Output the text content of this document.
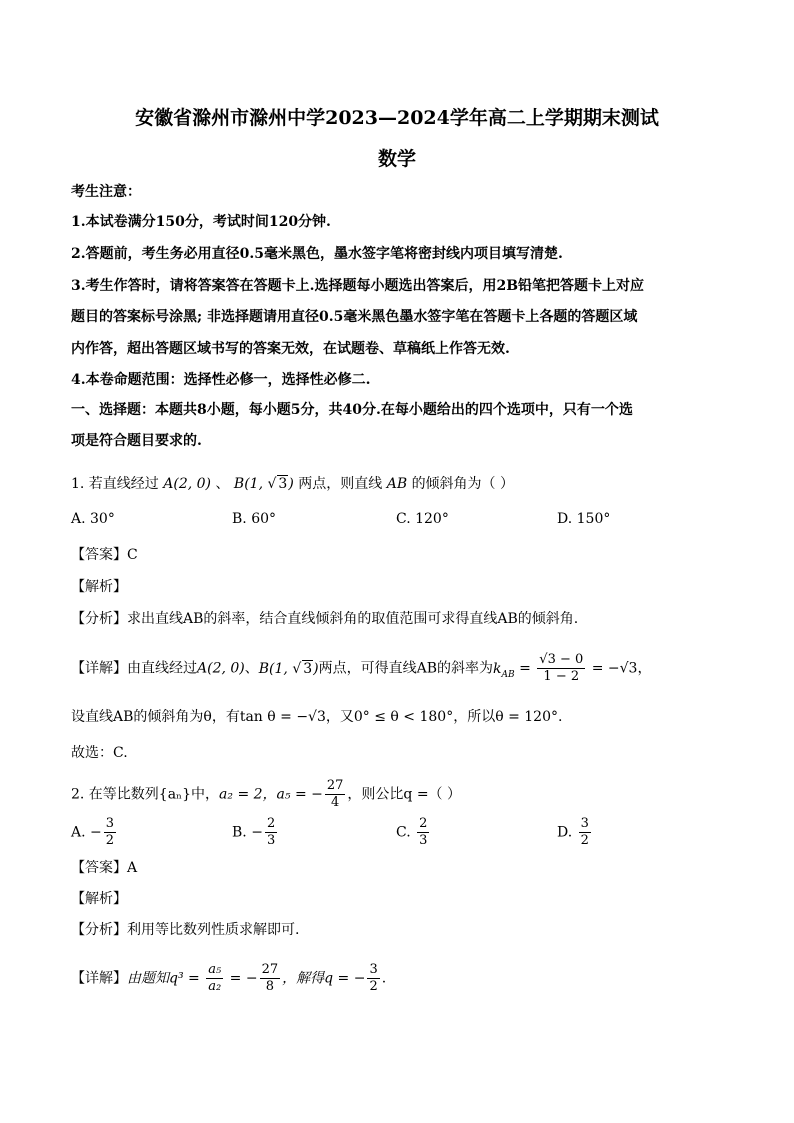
安徽省滁州市滁州中学2023—2024学年高二上学期期末测试
数学
考生注意：
1.本试卷满分150分，考试时间120分钟.
2.答题前，考生务必用直径0.5毫米黑色，墨水签字笔将密封线内项目填写清楚.
3.考生作答时，请将答案答在答题卡上.选择题每小题选出答案后，用2B铅笔把答题卡上对应
题目的答案标号涂黑; 非选择题请用直径0.5毫米黑色墨水签字笔在答题卡上各题的答题区域
内作答，超出答题区域书写的答案无效，在试题卷、草稿纸上作答无效.
4.本卷命题范围：选择性必修一，选择性必修二.
一、选择题：本题共8小题，每小题5分，共40分.在每小题给出的四个选项中，只有一个选
项是符合题目要求的.
1. 若直线经过 A(2, 0) 、 B(1, √ 3) 两点，则直线 AB 的倾斜角为（ ）
A. 30°	B. 60°	C. 120°	D. 150°
【答案】C
【解析】
【分析】求出直线AB的斜率，结合直线倾斜角的取值范围可求得直线AB的倾斜角.
【详解】由直线经过A(2, 0)、B(1, √ 3)两点，可得直线AB的斜率为$k_{AB} = \frac{√3 - 0}{1 - 2} = -√3$，
设直线AB的倾斜角为θ，有tan θ = −√3，又0° ≤ θ < 180°，所以θ = 120°.
故选：C.
2. 在等比数列{aₙ}中，a₂ = 2，a₅ = − $\frac{27}{4}$ ，则公比q =（ ）
A. − $\frac{3}{2}$	B. − $\frac{2}{3}$	C. $\frac{2}{3}$	D. $\frac{3}{2}$
【答案】A
【解析】
【分析】利用等比数列性质求解即可.
【详解】由题知$q^3 = \frac{\text{a₅}}{\text{a₂}}$ = − $\frac{27}{8}$ ，解得q = − $\frac{3}{2}$ .
